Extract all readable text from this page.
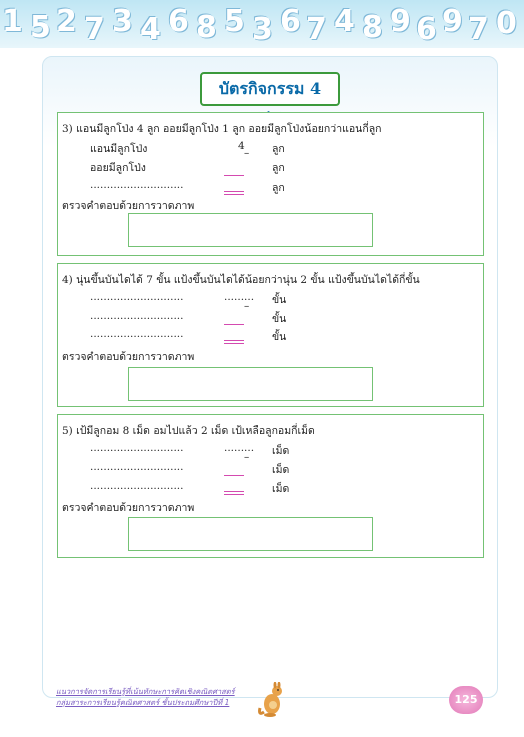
1 5 2 7 3 4 6 8 5 3 6 7 4 8 9 6 9 7 0
บัตรกิจกรรม 4
3) แอนมีลูกโป่ง 4 ลูก ออยมีลูกโป่ง 1 ลูก ออยมีลูกโป่งน้อยกว่าแอนกี่ลูก
แอนมีลูกโป่ง	4	ลูก
–
ออยมีลูกโป่ง	ลูก
............................	ลูก
ตรวจคำตอบด้วยการวาดภาพ
4) นุ่นขึ้นบันไดได้ 7 ขั้น แป้งขึ้นบันไดได้น้อยกว่านุ่น 2 ขั้น แป้งขึ้นบันไดได้กี่ขั้น
............................	......... ขั้น
–
............................	ขั้น
............................	ขั้น
ตรวจคำตอบด้วยการวาดภาพ
5) เป้มีลูกอม 8 เม็ด อมไปแล้ว 2 เม็ด เป้เหลือลูกอมกี่เม็ด
............................	......... เม็ด
–
............................	เม็ด
............................	เม็ด
ตรวจคำตอบด้วยการวาดภาพ
แนวการจัดการเรียนรู้ที่เน้นทักษะการคิดเชิงคณิตศาสตร์
กลุ่มสาระการเรียนรู้คณิตศาสตร์ ชั้นประถมศึกษาปีที่ 1	125
